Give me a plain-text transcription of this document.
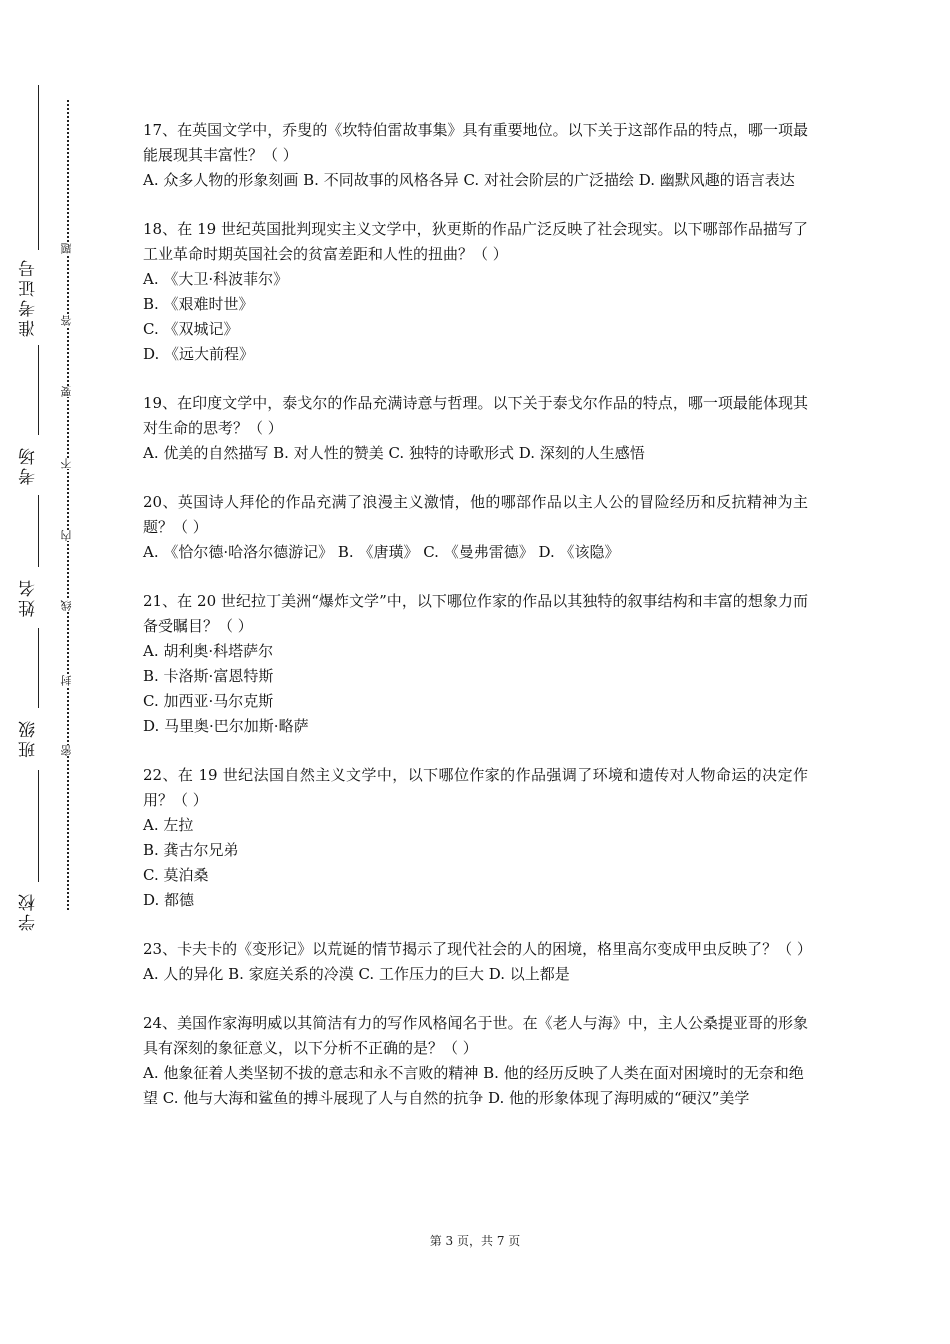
准考证号
考场
姓名
班级
学校
题
答
要
不
内
线
封
密

17、在英国文学中，乔叟的《坎特伯雷故事集》具有重要地位。以下关于这部作品的特点，哪一项最能展现其丰富性？（ ）

A. 众多人物的形象刻画 B. 不同故事的风格各异 C. 对社会阶层的广泛描绘 D. 幽默风趣的语言表达

18、在 19 世纪英国批判现实主义文学中，狄更斯的作品广泛反映了社会现实。以下哪部作品描写了工业革命时期英国社会的贫富差距和人性的扭曲？（ ）

A. 《大卫·科波菲尔》

B. 《艰难时世》

C. 《双城记》

D. 《远大前程》

19、在印度文学中，泰戈尔的作品充满诗意与哲理。以下关于泰戈尔作品的特点，哪一项最能体现其对生命的思考？（ ）

A. 优美的自然描写 B. 对人性的赞美 C. 独特的诗歌形式 D. 深刻的人生感悟

20、英国诗人拜伦的作品充满了浪漫主义激情，他的哪部作品以主人公的冒险经历和反抗精神为主题？（ ）

A. 《恰尔德·哈洛尔德游记》 B. 《唐璜》 C. 《曼弗雷德》 D. 《该隐》

21、在 20 世纪拉丁美洲“爆炸文学”中，以下哪位作家的作品以其独特的叙事结构和丰富的想象力而备受瞩目？（ ）

A. 胡利奥·科塔萨尔

B. 卡洛斯·富恩特斯

C. 加西亚·马尔克斯

D. 马里奥·巴尔加斯·略萨

22、在 19 世纪法国自然主义文学中，以下哪位作家的作品强调了环境和遗传对人物命运的决定作用？（ ）

A. 左拉

B. 龚古尔兄弟

C. 莫泊桑

D. 都德

23、卡夫卡的《变形记》以荒诞的情节揭示了现代社会的人的困境，格里高尔变成甲虫反映了？（ ）

A. 人的异化 B. 家庭关系的冷漠 C. 工作压力的巨大 D. 以上都是

24、美国作家海明威以其简洁有力的写作风格闻名于世。在《老人与海》中，主人公桑提亚哥的形象具有深刻的象征意义，以下分析不正确的是？（ ）

A. 他象征着人类坚韧不拔的意志和永不言败的精神 B. 他的经历反映了人类在面对困境时的无奈和绝望 C. 他与大海和鲨鱼的搏斗展现了人与自然的抗争 D. 他的形象体现了海明威的“硬汉”美学

第 3 页，共 7 页
